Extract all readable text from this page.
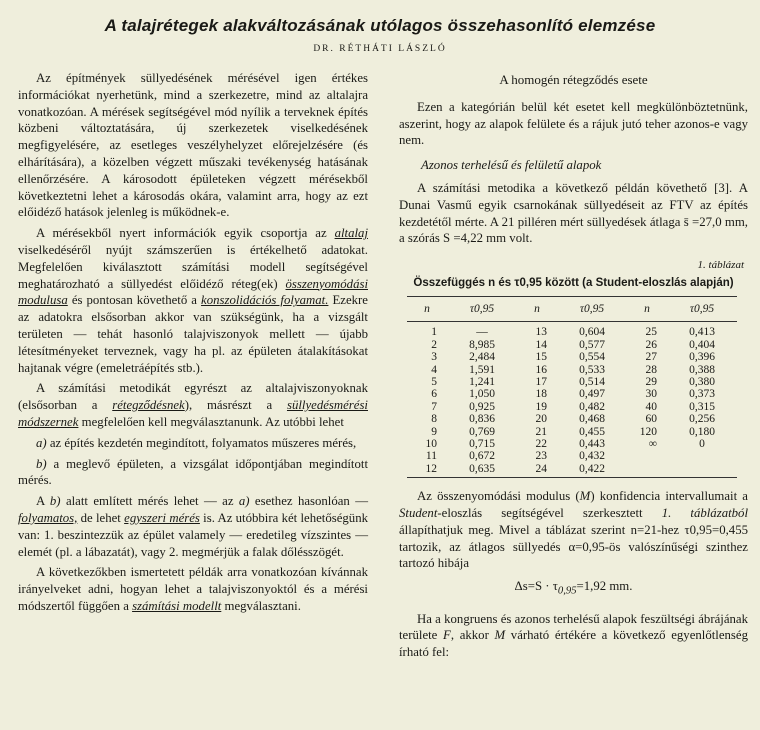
A talajrétegek alakváltozásának utólagos összehasonlító elemzése
DR. RÉTHÁTI LÁSZLÓ

Az építmények süllyedésének mérésével igen értékes információkat nyerhetünk, mind a szerkezetre, mind az altalajra vonatkozóan. A mérések segítségével mód nyílik a terveknek építés közbeni változtatására, új szerkezetek viselkedésének megfigyelésére, az esetleges veszélyhelyzet előrejelzésére (és elhárítására), a közelben végzett műszaki tevékenység hatásának ellenőrzésére. A károsodott épületeken végzett mérésekből következtetni lehet a károsodás okára, valamint arra, hogy az ezt előidéző hatások jelenleg is működnek-e.

A mérésekből nyert információk egyik csoportja az altalaj viselkedéséről nyújt számszerűen is értékelhető adatokat. Megfelelően kiválasztott számítási modell segítségével meghatározható a süllyedést előidéző réteg(ek) összenyomódási modulusa és pontosan követhető a konszolidációs folyamat. Ezekre az adatokra elsősorban akkor van szükségünk, ha a vizsgált területen — tehát hasonló talajviszonyok mellett — újabb létesítményeket terveznek, vagy ha pl. az épületen átalakításokat hajtanak végre (emeletráépítés stb.).

A számítási metodikát egyrészt az altalajviszonyoknak (elsősorban a rétegződésnek), másrészt a süllyedésmérési módszernek megfelelően kell megválasztanunk. Az utóbbi lehet

a) az építés kezdetén megindított, folyamatos műszeres mérés,

b) a meglevő épületen, a vizsgálat időpontjában megindított mérés.

A b) alatt említett mérés lehet — az a) esethez hasonlóan — folyamatos, de lehet egyszeri mérés is. Az utóbbira két lehetőségünk van: 1. beszintezzük az épület valamely — eredetileg vízszintes — elemét (pl. a lábazatát), vagy 2. megmérjük a falak dőlésszögét.

A következőkben ismertetett példák arra vonatkozóan kívánnak irányelveket adni, hogyan lehet a talajviszonyoktól és a mérési módszertől függően a számítási modellt megválasztani.

A homogén rétegződés esete

Ezen a kategórián belül két esetet kell megkülönböztetnünk, aszerint, hogy az alapok felülete és a rájuk jutó teher azonos-e vagy nem.

Azonos terhelésű és felületű alapok

A számítási metodika a következő példán követhető [3]. A Dunai Vasmű egyik csarnokának süllyedéseit az FTV az építés kezdetétől mérte. A 21 pilléren mért süllyedések átlaga s̄ =27,0 mm, a szórás S =4,22 mm volt.

1. táblázat
Összefüggés n és τ0,95 között (a Student-eloszlás alapján)
n	τ0,95	n	τ0,95	n	τ0,95
1	—	13	0,604	25	0,413
2	8,985	14	0,577	26	0,404
3	2,484	15	0,554	27	0,396
4	1,591	16	0,533	28	0,388
5	1,241	17	0,514	29	0,380
6	1,050	18	0,497	30	0,373
7	0,925	19	0,482	40	0,315
8	0,836	20	0,468	60	0,256
9	0,769	21	0,455	120	0,180
10	0,715	22	0,443	∞	0
11	0,672	23	0,432		
12	0,635	24	0,422		

Az összenyomódási modulus (M) konfidencia intervallumait a Student-eloszlás segítségével szerkesztett 1. táblázatból állapíthatjuk meg. Mivel a táblázat szerint n=21-hez τ0,95=0,455 tartozik, az átlagos süllyedés α=0,95-ös valószínűségi szinthez tartozó hibája

$\Delta s=S \cdot \tau_{0,95}=1,92$ mm.

Ha a kongruens és azonos terhelésű alapok feszültségi ábrájának területe F, akkor M várható értékére a következő egyenlőtlenség írható fel:
